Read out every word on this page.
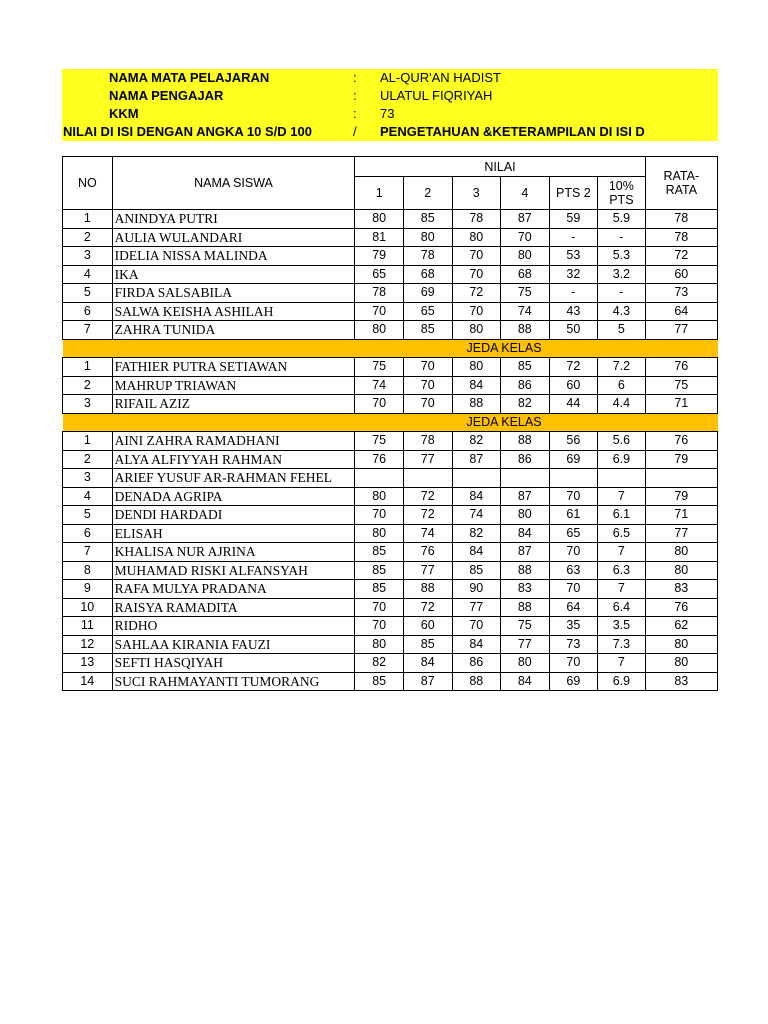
NAMA MATA PELAJARAN	: AL-QUR'AN HADIST
NAMA PENGAJAR	: ULATUL FIQRIYAH
KKM	: 73
NILAI DI ISI DENGAN ANGKA 10 S/D 100	/ PENGETAHUAN &KETERAMPILAN DI ISI D
NO	NAMA SISWA	NILAI						RATA-RATA
		1	2	3	4	PTS 2	10% PTS	
1	ANINDYA PUTRI	80	85	78	87	59	5.9	78
2	AULIA WULANDARI	81	80	80	70	-	-	78
3	IDELIA NISSA MALINDA	79	78	70	80	53	5.3	72
4	IKA	65	68	70	68	32	3.2	60
5	FIRDA SALSABILA	78	69	72	75	-	-	73
6	SALWA KEISHA ASHILAH	70	65	70	74	43	4.3	64
7	ZAHRA TUNIDA	80	85	80	88	50	5	77
JEDA KELAS								
1	FATHIER PUTRA SETIAWAN	75	70	80	85	72	7.2	76
2	MAHRUP TRIAWAN	74	70	84	86	60	6	75
3	RIFAIL AZIZ	70	70	88	82	44	4.4	71
JEDA KELAS								
1	AINI ZAHRA RAMADHANI	75	78	82	88	56	5.6	76
2	ALYA ALFIYYAH RAHMAN	76	77	87	86	69	6.9	79
3	ARIEF YUSUF AR-RAHMAN FEHEL							
4	DENADA AGRIPA	80	72	84	87	70	7	79
5	DENDI HARDADI	70	72	74	80	61	6.1	71
6	ELISAH	80	74	82	84	65	6.5	77
7	KHALISA NUR AJRINA	85	76	84	87	70	7	80
8	MUHAMAD RISKI ALFANSYAH	85	77	85	88	63	6.3	80
9	RAFA MULYA PRADANA	85	88	90	83	70	7	83
10	RAISYA RAMADITA	70	72	77	88	64	6.4	76
11	RIDHO	70	60	70	75	35	3.5	62
12	SAHLAA KIRANIA FAUZI	80	85	84	77	73	7.3	80
13	SEFTI HASQIYAH	82	84	86	80	70	7	80
14	SUCI RAHMAYANTI TUMORANG	85	87	88	84	69	6.9	83
